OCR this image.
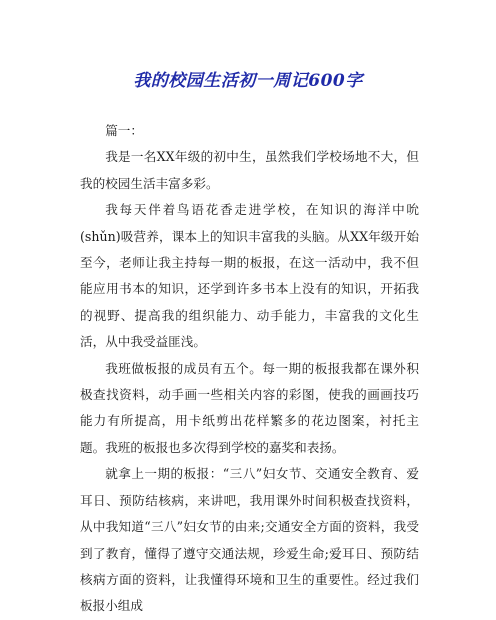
我的校园生活初一周记600字

篇一：

我是一名XX年级的初中生，虽然我们学校场地不大，但我的校园生活丰富多彩。

我每天伴着鸟语花香走进学校，在知识的海洋中吮(shǔn)吸营养，课本上的知识丰富我的头脑。从XX年级开始至今，老师让我主持每一期的板报，在这一活动中，我不但能应用书本的知识，还学到许多书本上没有的知识，开拓我的视野、提高我的组织能力、动手能力，丰富我的文化生活，从中我受益匪浅。

我班做板报的成员有五个。每一期的板报我都在课外积极查找资料，动手画一些相关内容的彩图，使我的画画技巧能力有所提高，用卡纸剪出花样繁多的花边图案，衬托主题。我班的板报也多次得到学校的嘉奖和表扬。

就拿上一期的板报：“三八”妇女节、交通安全教育、爱耳日、预防结核病，来讲吧，我用课外时间积极查找资料，从中我知道“三八”妇女节的由来;交通安全方面的资料，我受到了教育，懂得了遵守交通法规，珍爱生命;爱耳日、预防结核病方面的资料，让我懂得环境和卫生的重要性。经过我们板报小组成
